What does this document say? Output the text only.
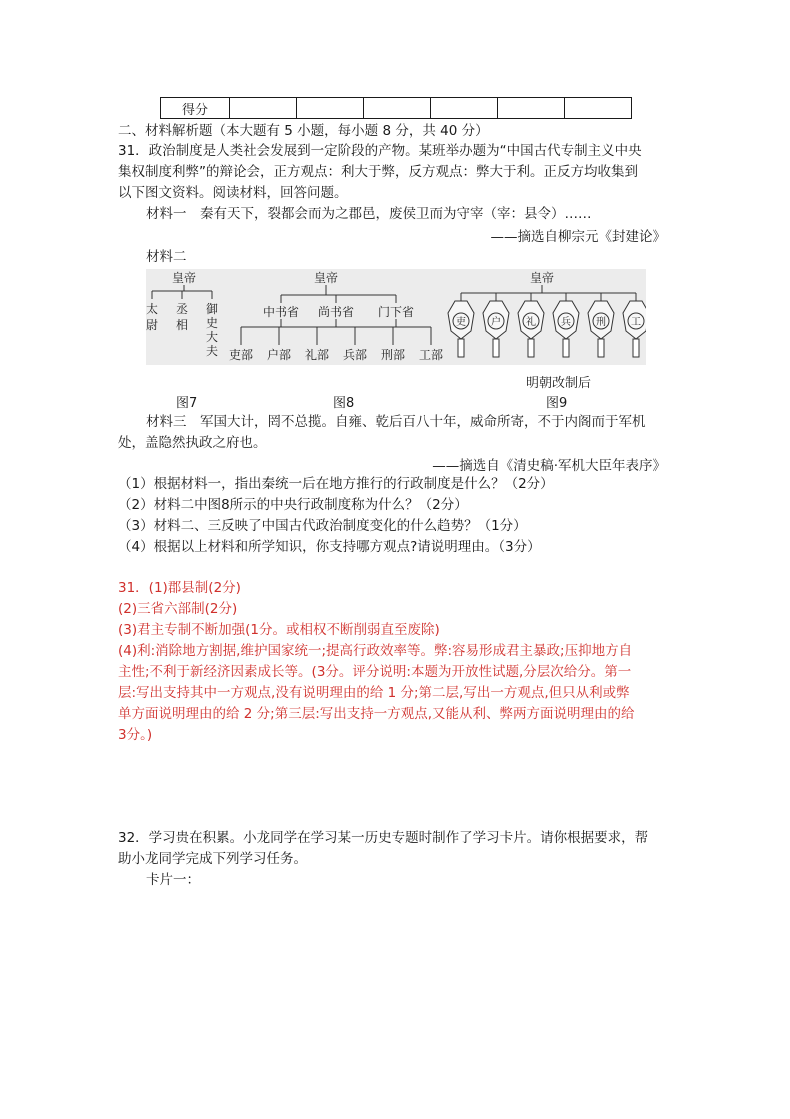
得分						
二、材料解析题（本大题有 5 小题，每小题 8 分，共 40 分）
31．政治制度是人类社会发展到一定阶段的产物。某班举办题为“中国古代专制主义中央
集权制度利弊”的辩论会，正方观点：利大于弊，反方观点：弊大于利。正反方均收集到
以下图文资料。阅读材料，回答问题。
材料一　秦有天下，裂都会而为之郡邑，废侯卫而为守宰（宰：县令）……
——摘选自柳宗元《封建论》
材料二
皇帝
太
尉
丞
相
御
史
大
夫
皇帝
中书省 尚书省 门下省
吏部 户部 礼部 兵部 刑部 工部
皇帝
吏	户	礼	兵	刑	工
明朝改制后
图7	图8	图9
材料三　军国大计，罔不总揽。自雍、乾后百八十年，威命所寄，不于内阁而于军机
处，盖隐然执政之府也。
——摘选自《清史稿·军机大臣年表序》
（1）根据材料一，指出秦统一后在地方推行的行政制度是什么？（2分）
（2）材料二中图8所示的中央行政制度称为什么？（2分）
（3）材料二、三反映了中国古代政治制度变化的什么趋势？（1分）
（4）根据以上材料和所学知识，你支持哪方观点?请说明理由。（3分）
31．(1)郡县制(2分)
(2)三省六部制(2分)
(3)君主专制不断加强(1分。或相权不断削弱直至废除)
(4)利:消除地方割据,维护国家统一;提高行政效率等。弊:容易形成君主暴政;压抑地方自
主性;不利于新经济因素成长等。(3分。评分说明:本题为开放性试题,分层次给分。第一
层:写出支持其中一方观点,没有说明理由的给 1 分;第二层,写出一方观点,但只从利或弊
单方面说明理由的给 2 分;第三层:写出支持一方观点,又能从利、弊两方面说明理由的给
3分。)
32．学习贵在积累。小龙同学在学习某一历史专题时制作了学习卡片。请你根据要求，帮
助小龙同学完成下列学习任务。
卡片一：
